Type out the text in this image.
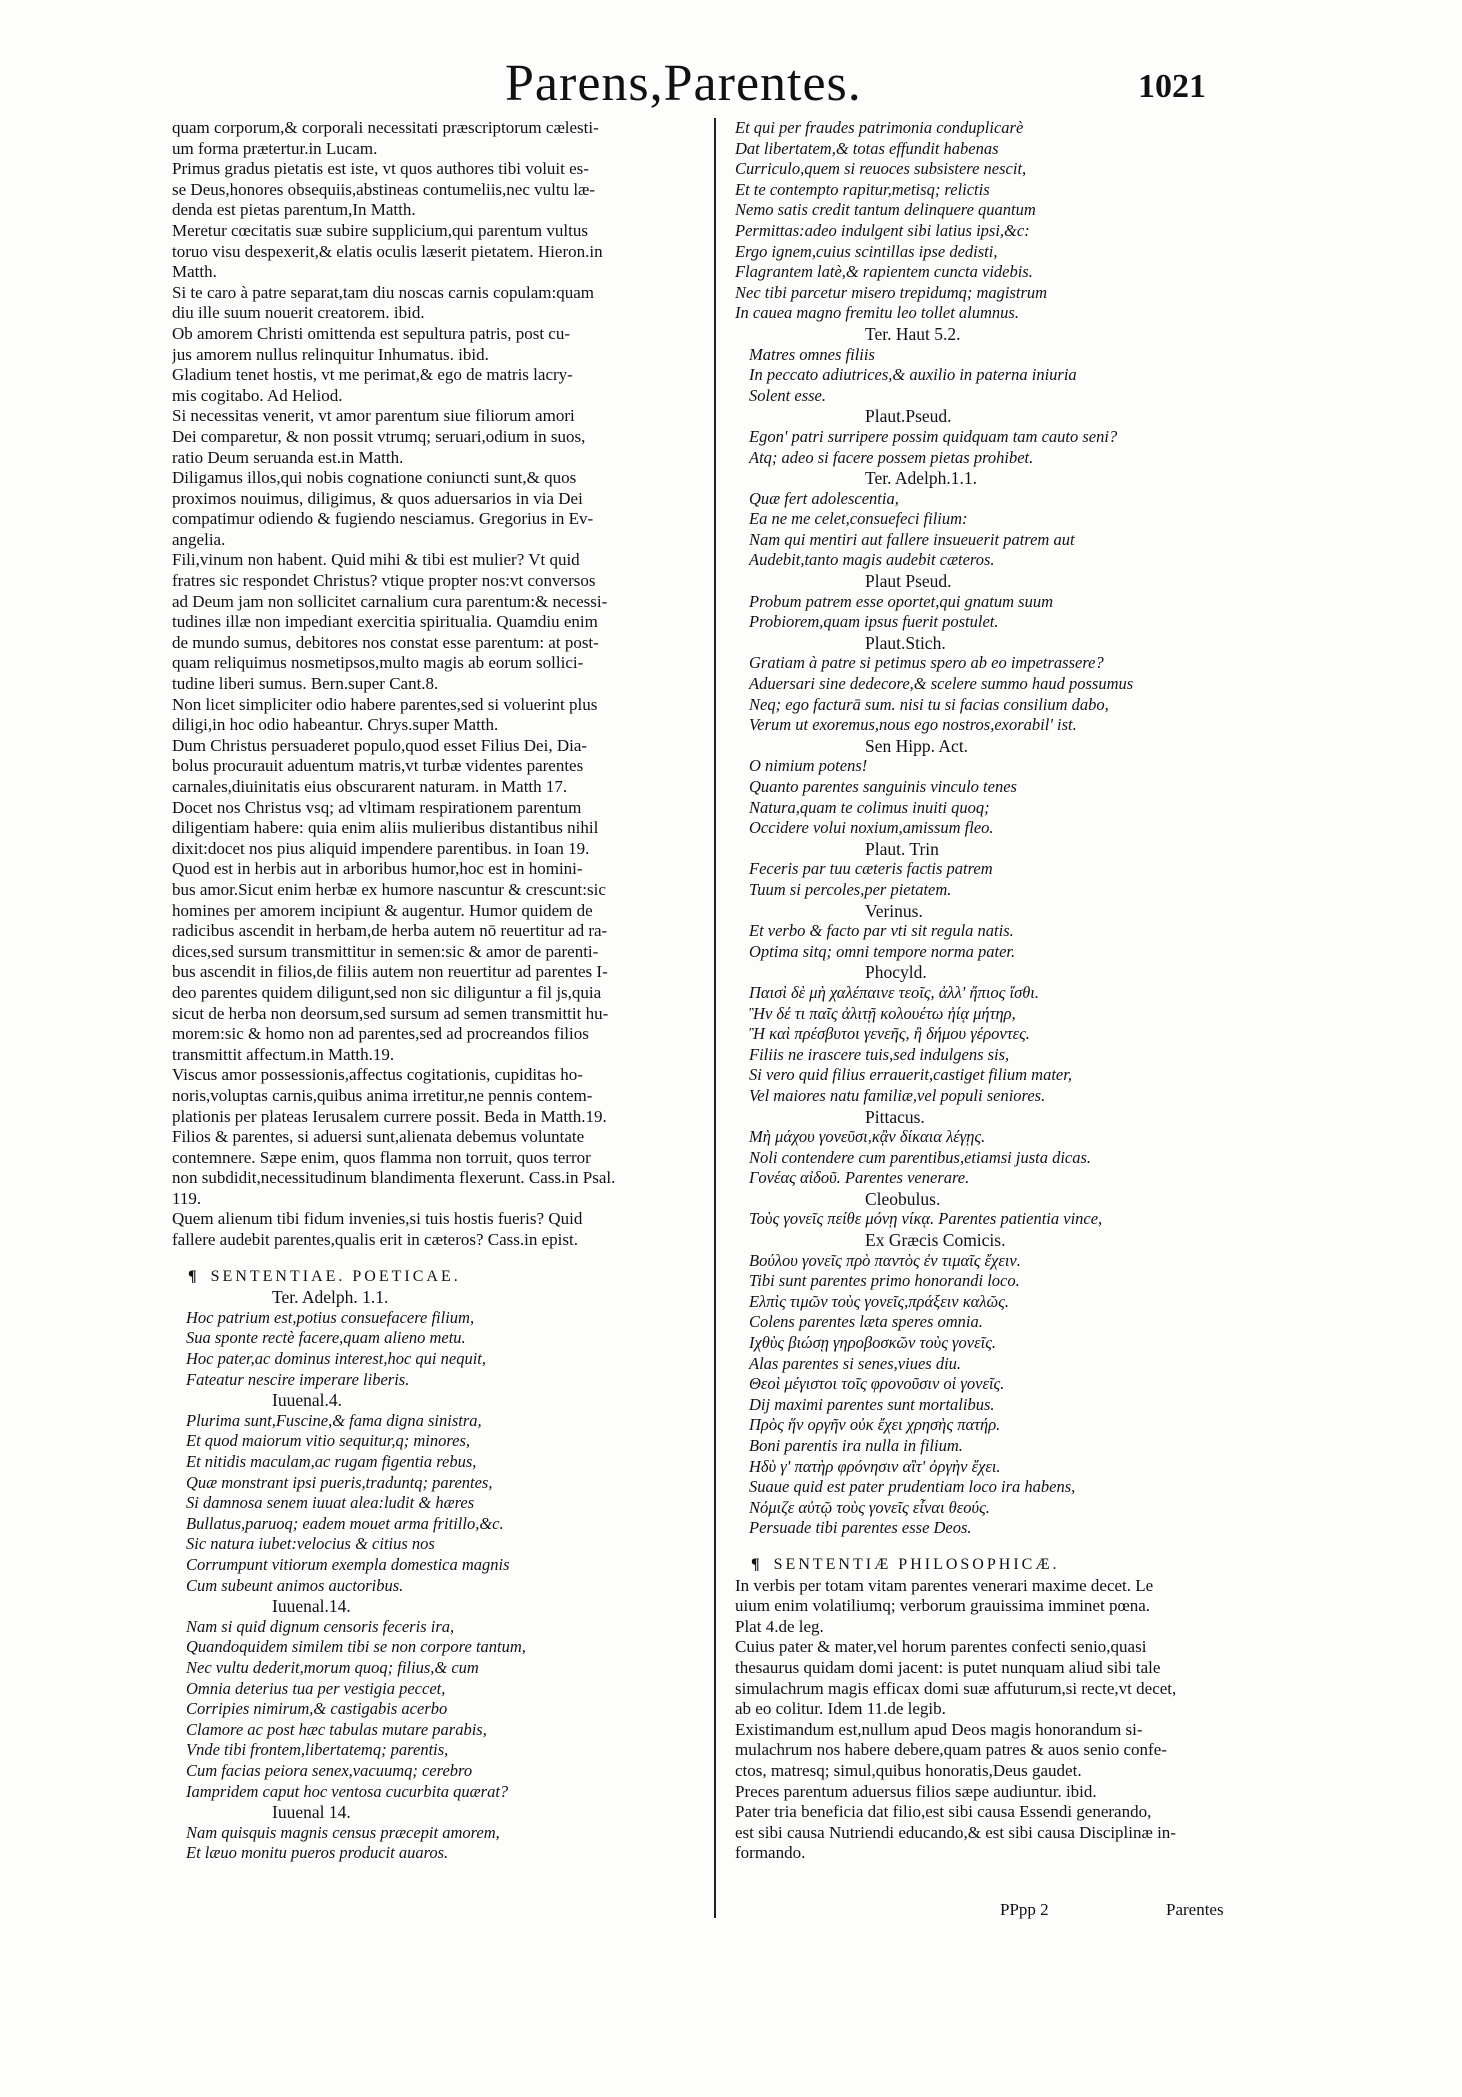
Parens,Parentes.	1021
quam corporum,& corporali necessitati præscriptorum cælesti-
um forma prætertur.in Lucam.
Primus gradus pietatis est iste, vt quos authores tibi voluit es-
se Deus,honores obsequiis,abstineas contumeliis,nec vultu læ-
denda est pietas parentum,In Matth.
Meretur cœcitatis suæ subire supplicium,qui parentum vultus
toruo visu despexerit,& elatis oculis læserit pietatem. Hieron.in
Matth.
Si te caro à patre separat,tam diu noscas carnis copulam:quam
diu ille suum nouerit creatorem. ibid.
Ob amorem Christi omittenda est sepultura patris, post cu-
jus amorem nullus relinquitur Inhumatus. ibid.
Gladium tenet hostis, vt me perimat,& ego de matris lacry-
mis cogitabo. Ad Heliod.
Si necessitas venerit, vt amor parentum siue filiorum amori
Dei comparetur, & non possit vtrumq; seruari,odium in suos,
ratio Deum seruanda est.in Matth.
Diligamus illos,qui nobis cognatione coniuncti sunt,& quos
proximos nouimus, diligimus, & quos aduersarios in via Dei
compatimur odiendo & fugiendo nesciamus. Gregorius in Ev-
angelia.
Fili,vinum non habent. Quid mihi & tibi est mulier? Vt quid
fratres sic respondet Christus? vtique propter nos:vt conversos
ad Deum jam non sollicitet carnalium cura parentum:& necessi-
tudines illæ non impediant exercitia spiritualia. Quamdiu enim
de mundo sumus, debitores nos constat esse parentum: at post-
quam reliquimus nosmetipsos,multo magis ab eorum sollici-
tudine liberi sumus. Bern.super Cant.8.
Non licet simpliciter odio habere parentes,sed si voluerint plus
diligi,in hoc odio habeantur. Chrys.super Matth.
Dum Christus persuaderet populo,quod esset Filius Dei, Dia-
bolus procurauit aduentum matris,vt turbæ videntes parentes
carnales,diuinitatis eius obscurarent naturam. in Matth 17.
Docet nos Christus vsq; ad vltimam respirationem parentum
diligentiam habere: quia enim aliis mulieribus distantibus nihil
dixit:docet nos pius aliquid impendere parentibus. in Ioan 19.
Quod est in herbis aut in arboribus humor,hoc est in homini-
bus amor.Sicut enim herbæ ex humore nascuntur & crescunt:sic
homines per amorem incipiunt & augentur. Humor quidem de
radicibus ascendit in herbam,de herba autem nō reuertitur ad ra-
dices,sed sursum transmittitur in semen:sic & amor de parenti-
bus ascendit in filios,de filiis autem non reuertitur ad parentes I-
deo parentes quidem diligunt,sed non sic diliguntur a fil js,quia
sicut de herba non deorsum,sed sursum ad semen transmittit hu-
morem:sic & homo non ad parentes,sed ad procreandos filios
transmittit affectum.in Matth.19.
Viscus amor possessionis,affectus cogitationis, cupiditas ho-
noris,voluptas carnis,quibus anima irretitur,ne pennis contem-
plationis per plateas Ierusalem currere possit. Beda in Matth.19.
Filios & parentes, si aduersi sunt,alienata debemus voluntate
contemnere. Sæpe enim, quos flamma non torruit, quos terror
non subdidit,necessitudinum blandimenta flexerunt. Cass.in Psal.
119.
Quem alienum tibi fidum invenies,si tuis hostis fueris? Quid
fallere audebit parentes,qualis erit in cæteros? Cass.in epist.
¶ SENTENTIAE. POETICAE.
Ter. Adelph. 1.1.
Hoc patrium est,potius consuefacere filium,
Sua sponte rectè facere,quam alieno metu.
Hoc pater,ac dominus interest,hoc qui nequit,
Fateatur nescire imperare liberis.
Iuuenal.4.
Plurima sunt,Fuscine,& fama digna sinistra,
Et quod maiorum vitio sequitur,q; minores,
Et nitidis maculam,ac rugam figentia rebus,
Quæ monstrant ipsi pueris,traduntq; parentes,
Si damnosa senem iuuat alea:ludit & hæres
Bullatus,paruoq; eadem mouet arma fritillo,&c.
Sic natura iubet:velocius & citius nos
Corrumpunt vitiorum exempla domestica magnis
Cum subeunt animos auctoribus.
Iuuenal.14.
Nam si quid dignum censoris feceris ira,
Quandoquidem similem tibi se non corpore tantum,
Nec vultu dederit,morum quoq; filius,& cum
Omnia deterius tua per vestigia peccet,
Corripies nimirum,& castigabis acerbo
Clamore ac post hæc tabulas mutare parabis,
Vnde tibi frontem,libertatemq; parentis,
Cum facias peiora senex,vacuumq; cerebro
Iampridem caput hoc ventosa cucurbita quærat?
Iuuenal 14.
Nam quisquis magnis census præcepit amorem,
Et læuo monitu pueros producit auaros.
Et qui per fraudes patrimonia conduplicarè
Dat libertatem,& totas effundit habenas
Curriculo,quem si reuoces subsistere nescit,
Et te contempto rapitur,metisq; relictis
Nemo satis credit tantum delinquere quantum
Permittas:adeo indulgent sibi latius ipsi,&c:
Ergo ignem,cuius scintillas ipse dedisti,
Flagrantem latè,& rapientem cuncta videbis.
Nec tibi parcetur misero trepidumq; magistrum
In cauea magno fremitu leo tollet alumnus.
Ter. Haut 5.2.
Matres omnes filiis
In peccato adiutrices,& auxilio in paterna iniuria
Solent esse.
Plaut.Pseud.
Egon' patri surripere possim quidquam tam cauto seni?
Atq; adeo si facere possem pietas prohibet.
Ter. Adelph.1.1.
Quæ fert adolescentia,
Ea ne me celet,consuefeci filium:
Nam qui mentiri aut fallere insueuerit patrem aut
Audebit,tanto magis audebit cæteros.
Plaut Pseud.
Probum patrem esse oportet,qui gnatum suum
Probiorem,quam ipsus fuerit postulet.
Plaut.Stich.
Gratiam à patre si petimus spero ab eo impetrassere?
Aduersari sine dedecore,& scelere summo haud possumus
Neq; ego facturā sum. nisi tu si facias consilium dabo,
Verum ut exoremus,nous ego nostros,exorabil' ist.
Sen Hipp. Act.
O nimium potens!
Quanto parentes sanguinis vinculo tenes
Natura,quam te colimus inuiti quoq;
Occidere volui noxium,amissum fleo.
Plaut. Trin
Feceris par tuu cæteris factis patrem
Tuum si percoles,per pietatem.
Verinus.
Et verbo & facto par vti sit regula natis.
Optima sitq; omni tempore norma pater.
Phocyld.
Παισὶ δὲ μὴ χαλέπαινε τεοῖς, ἀλλ' ἤπιος ἴσθι.
Ἢν δέ τι παῖς ἀλιτῇ κολουέτω ἠίᾳ μήτηρ,
Ἢ καὶ πρέσβυτοι γενεῆς, ἢ δήμου γέροντες.
Filiis ne irascere tuis,sed indulgens sis,
Si vero quid filius errauerit,castiget filium mater,
Vel maiores natu familiæ,vel populi seniores.
Pittacus.
Μὴ μάχου γονεῦσι,κᾂν δίκαια λέγῃς.
Noli contendere cum parentibus,etiamsi justa dicas.
Γονέας αἰδοῦ. Parentes venerare.
Cleobulus.
Τοὺς γονεῖς πείθε μόνῃ νίκᾳ. Parentes patientia vince,
Ex Græcis Comicis.
Βούλου γονεῖς πρὸ παντὸς ἐν τιμαῖς ἔχειν.
Tibi sunt parentes primo honorandi loco.
Ελπὶς τιμῶν τοὺς γονεῖς,πράξειν καλῶς.
Colens parentes læta speres omnia.
Ιχθὺς βιώσῃ γηροβοσκῶν τοὺς γονεῖς.
Alas parentes si senes,viues diu.
Θεοὶ μέγιστοι τοῖς φρονοῦσιν οἱ γονεῖς.
Dij maximi parentes sunt mortalibus.
Πρὸς ἥν οργῆν οὐκ ἔχει χρησὴς πατήρ.
Boni parentis ira nulla in filium.
Ηδὺ γ' πατὴρ φρόνησιν αἲτ' ὀργὴν ἔχει.
Suaue quid est pater prudentiam loco ira habens,
Νόμιζε αὐτῷ τοὺς γονεῖς εἶναι θεούς.
Persuade tibi parentes esse Deos.
¶ SENTENTIÆ PHILOSOPHICÆ.
In verbis per totam vitam parentes venerari maxime decet. Le
uium enim volatiliumq; verborum grauissima imminet pœna.
Plat 4.de leg.
Cuius pater & mater,vel horum parentes confecti senio,quasi
thesaurus quidam domi jacent: is putet nunquam aliud sibi tale
simulachrum magis efficax domi suæ affuturum,si recte,vt decet,
ab eo colitur. Idem 11.de legib.
Existimandum est,nullum apud Deos magis honorandum si-
mulachrum nos habere debere,quam patres & auos senio confe-
ctos, matresq; simul,quibus honoratis,Deus gaudet.
Preces parentum aduersus filios sæpe audiuntur. ibid.
Pater tria beneficia dat filio,est sibi causa Essendi generando,
est sibi causa Nutriendi educando,& est sibi causa Disciplinæ in-
formando.
PPpp 2	Parentes
